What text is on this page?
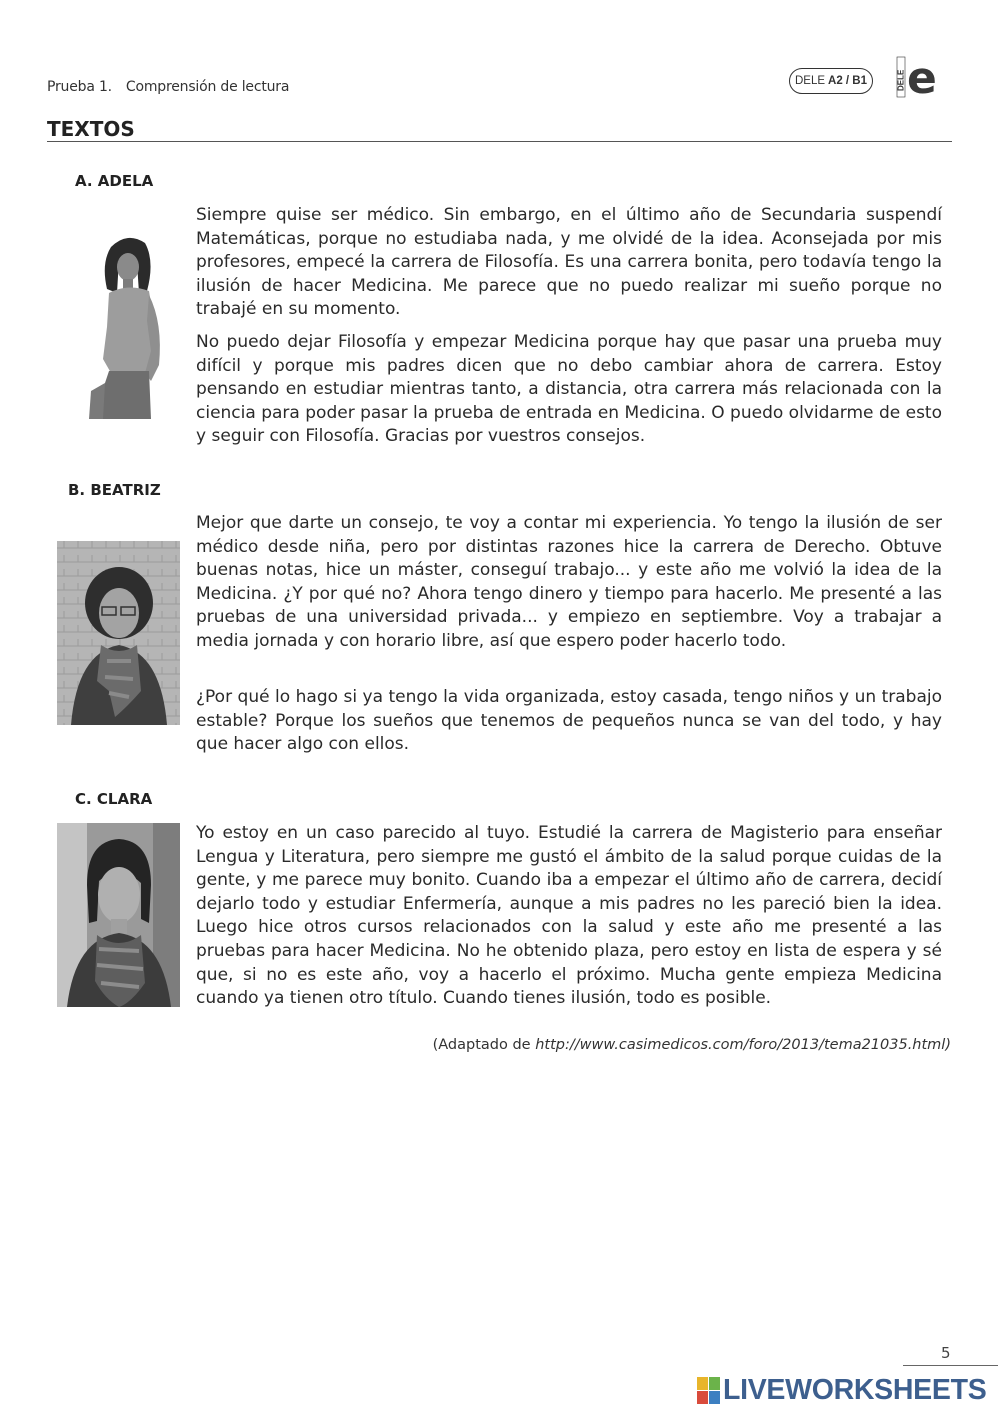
Prueba 1. Comprensión de lectura	DELE A2 / B1	DELE e
TEXTOS
A. ADELA

Siempre quise ser médico. Sin embargo, en el último año de Secundaria suspendí Matemáticas, porque no estudiaba nada, y me olvidé de la idea. Aconsejada por mis profesores, empecé la carrera de Filosofía. Es una carrera bonita, pero todavía tengo la ilusión de hacer Medicina. Me parece que no puedo realizar mi sueño porque no trabajé en su momento.

No puedo dejar Filosofía y empezar Medicina porque hay que pasar una prueba muy difícil y porque mis padres dicen que no debo cambiar ahora de carrera. Estoy pensando en estudiar mientras tanto, a distancia, otra carrera más relacionada con la ciencia para poder pasar la prueba de entrada en Medicina. O puedo olvidarme de esto y seguir con Filosofía. Gracias por vuestros consejos.

B. BEATRIZ

Mejor que darte un consejo, te voy a contar mi experiencia. Yo tengo la ilusión de ser médico desde niña, pero por distintas razones hice la carrera de Derecho. Obtuve buenas notas, hice un máster, conseguí trabajo... y este año me volvió la idea de la Medicina. ¿Y por qué no? Ahora tengo dinero y tiempo para hacerlo. Me presenté a las pruebas de una universidad privada... y empiezo en septiembre. Voy a trabajar a media jornada y con horario libre, así que espero poder hacerlo todo.

¿Por qué lo hago si ya tengo la vida organizada, estoy casada, tengo niños y un trabajo estable? Porque los sueños que tenemos de pequeños nunca se van del todo, y hay que hacer algo con ellos.

C. CLARA

Yo estoy en un caso parecido al tuyo. Estudié la carrera de Magisterio para enseñar Lengua y Literatura, pero siempre me gustó el ámbito de la salud porque cuidas de la gente, y me parece muy bonito. Cuando iba a empezar el último año de carrera, decidí dejarlo todo y estudiar Enfermería, aunque a mis padres no les pareció bien la idea. Luego hice otros cursos relacionados con la salud y este año me presenté a las pruebas para hacer Medicina. No he obtenido plaza, pero estoy en lista de espera y sé que, si no es este año, voy a hacerlo el próximo. Mucha gente empieza Medicina cuando ya tienen otro título. Cuando tienes ilusión, todo es posible.

(Adaptado de http://www.casimedicos.com/foro/2013/tema21035.html)
5
LIVEWORKSHEETS
